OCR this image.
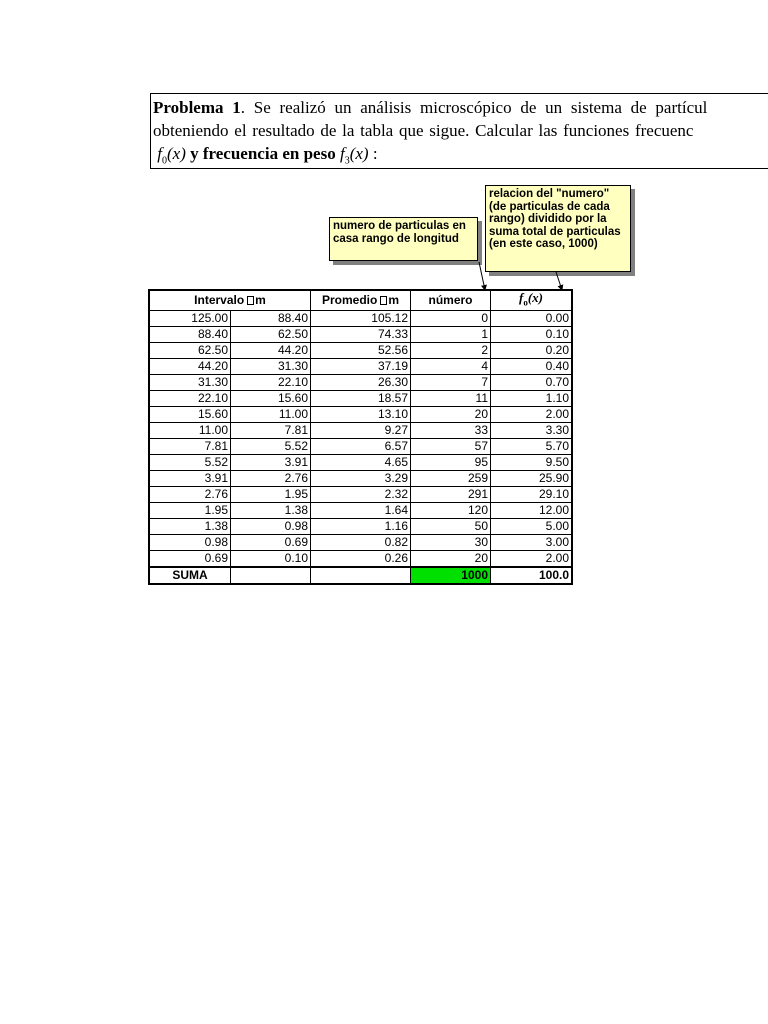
Problema 1. Se realizó un análisis microscópico de un sistema de partícul
obteniendo el resultado de la tabla que sigue. Calcular las funciones frecuenc
$f_0(x)$ y frecuencia en peso $f_3(x)$ :
numero de particulas en casa rango de longitud
relacion del "numero" (de particulas de cada rango) dividido por la suma total de particulas (en este caso, 1000)
Intervalo m		Promedio m	número	$f_o(x)$
125.00	88.40	105.12	0	0.00
88.40	62.50	74.33	1	0.10
62.50	44.20	52.56	2	0.20
44.20	31.30	37.19	4	0.40
31.30	22.10	26.30	7	0.70
22.10	15.60	18.57	11	1.10
15.60	11.00	13.10	20	2.00
11.00	7.81	9.27	33	3.30
7.81	5.52	6.57	57	5.70
5.52	3.91	4.65	95	9.50
3.91	2.76	3.29	259	25.90
2.76	1.95	2.32	291	29.10
1.95	1.38	1.64	120	12.00
1.38	0.98	1.16	50	5.00
0.98	0.69	0.82	30	3.00
0.69	0.10	0.26	20	2.00
SUMA			1000	100.0
